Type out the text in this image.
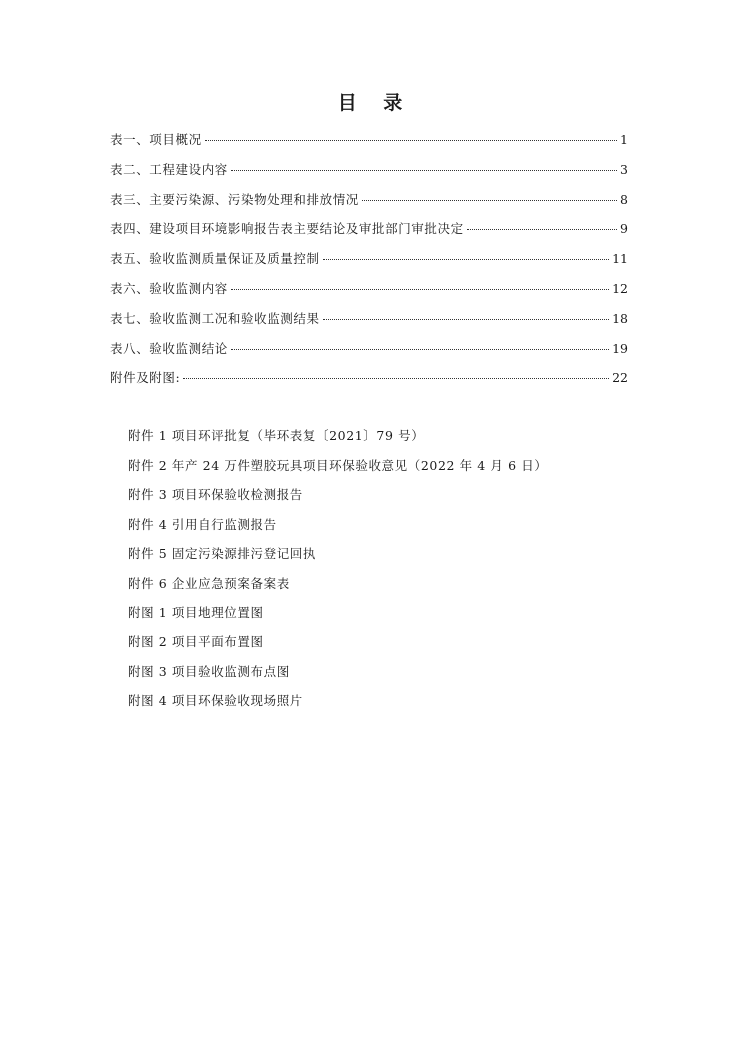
目 录
表一、项目概况	1
表二、工程建设内容	3
表三、主要污染源、污染物处理和排放情况	8
表四、建设项目环境影响报告表主要结论及审批部门审批决定	9
表五、验收监测质量保证及质量控制	11
表六、验收监测内容	12
表七、验收监测工况和验收监测结果	18
表八、验收监测结论	19
附件及附图:	22
附件 1 项目环评批复（毕环表复〔2021〕79 号）
附件 2 年产 24 万件塑胶玩具项目环保验收意见（2022 年 4 月 6 日）
附件 3 项目环保验收检测报告
附件 4 引用自行监测报告
附件 5 固定污染源排污登记回执
附件 6 企业应急预案备案表
附图 1 项目地理位置图
附图 2 项目平面布置图
附图 3 项目验收监测布点图
附图 4 项目环保验收现场照片
